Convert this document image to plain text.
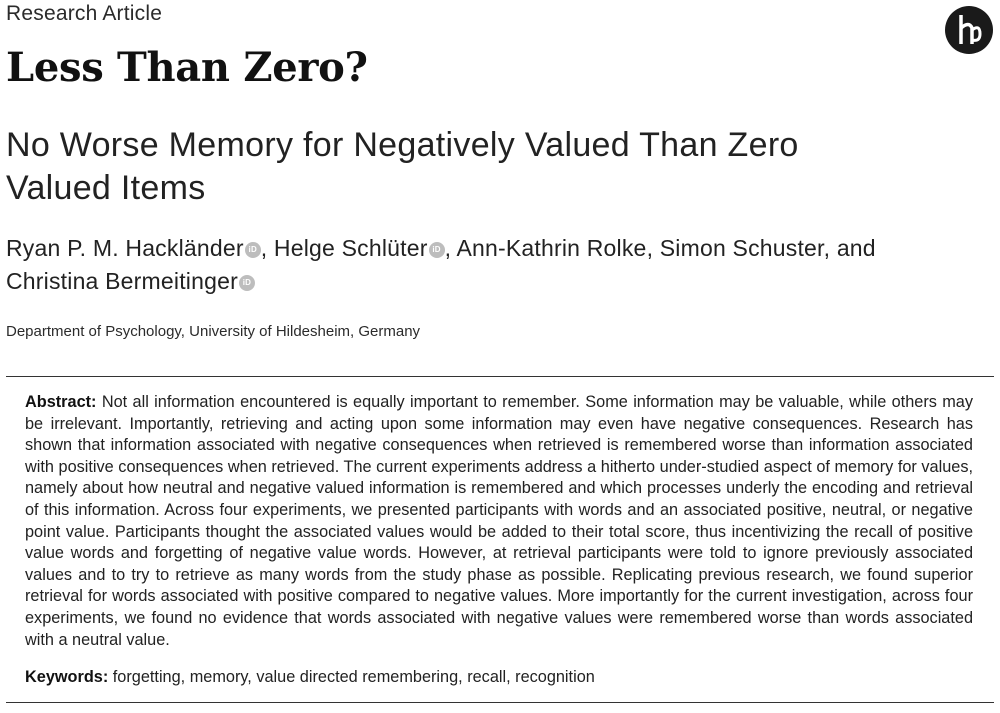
Research Article
Less Than Zero?
No Worse Memory for Negatively Valued Than Zero Valued Items
Ryan P. M. Hackländer iD , Helge Schlüter iD , Ann-Kathrin Rolke, Simon Schuster, and
Christina Bermeitinger iD
Department of Psychology, University of Hildesheim, Germany

Abstract: Not all information encountered is equally important to remember. Some information may be valuable, while others may be irrelevant. Importantly, retrieving and acting upon some information may even have negative consequences. Research has shown that information associated with negative consequences when retrieved is remembered worse than information associated with positive consequences when retrieved. The current experiments address a hitherto under-studied aspect of memory for values, namely about how neutral and negative valued information is remembered and which processes underly the encoding and retrieval of this information. Across four experiments, we presented participants with words and an associated positive, neutral, or negative point value. Participants thought the associated values would be added to their total score, thus incentivizing the recall of positive value words and forgetting of negative value words. However, at retrieval participants were told to ignore previously associated values and to try to retrieve as many words from the study phase as possible. Replicating previous research, we found superior retrieval for words associated with positive compared to negative values. More importantly for the current investigation, across four experiments, we found no evidence that words associated with negative values were remembered worse than words associated with a neutral value.

Keywords: forgetting, memory, value directed remembering, recall, recognition
